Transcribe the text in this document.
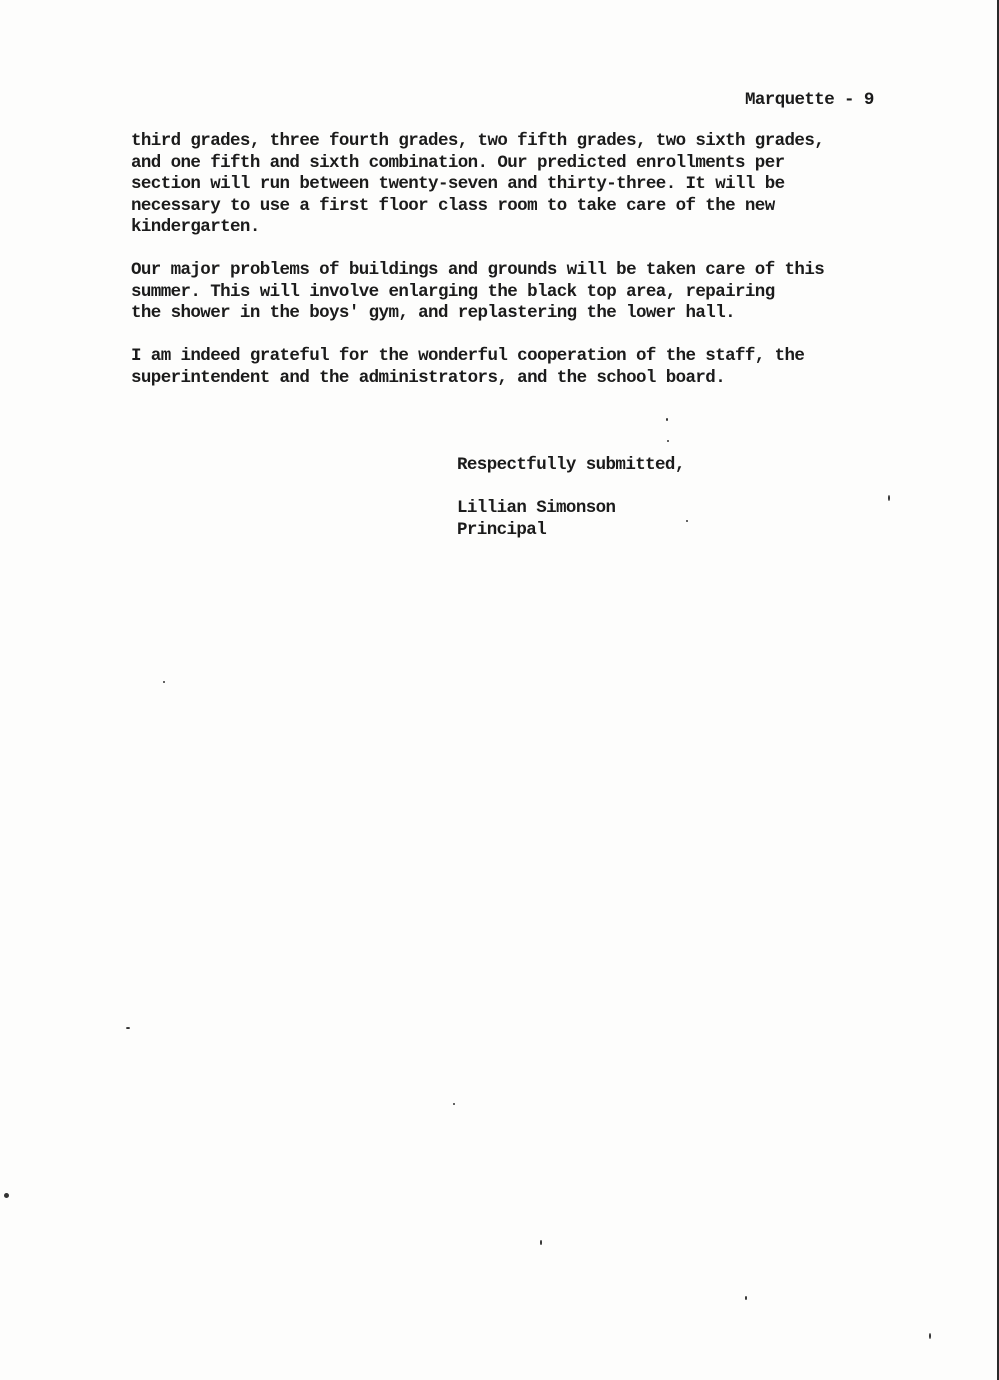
Marquette - 9

third grades, three fourth grades, two fifth grades, two sixth grades,
and one fifth and sixth combination. Our predicted enrollments per
section will run between twenty-seven and thirty-three. It will be
necessary to use a first floor class room to take care of the new
kindergarten.

Our major problems of buildings and grounds will be taken care of this
summer. This will involve enlarging the black top area, repairing
the shower in the boys' gym, and replastering the lower hall.

I am indeed grateful for the wonderful cooperation of the staff, the
superintendent and the administrators, and the school board.

Respectfully submitted,
Lillian Simonson
Principal
